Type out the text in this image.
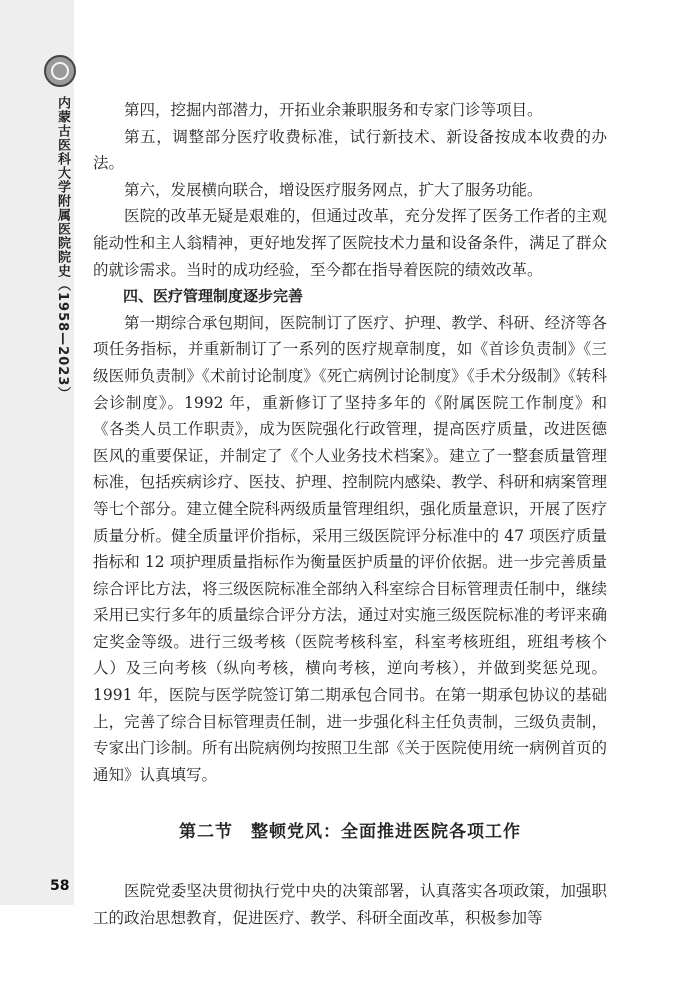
内蒙古医科大学附属医院院史（1958—2023）
58

第四，挖掘内部潜力，开拓业余兼职服务和专家门诊等项目。

第五，调整部分医疗收费标准，试行新技术、新设备按成本收费的办法。

第六，发展横向联合，增设医疗服务网点，扩大了服务功能。

医院的改革无疑是艰难的，但通过改革，充分发挥了医务工作者的主观能动性和主人翁精神，更好地发挥了医院技术力量和设备条件，满足了群众的就诊需求。当时的成功经验，至今都在指导着医院的绩效改革。

四、医疗管理制度逐步完善

第一期综合承包期间，医院制订了医疗、护理、教学、科研、经济等各项任务指标，并重新制订了一系列的医疗规章制度，如《首诊负责制》《三级医师负责制》《术前讨论制度》《死亡病例讨论制度》《手术分级制》《转科会诊制度》。1992 年，重新修订了坚持多年的《附属医院工作制度》和《各类人员工作职责》，成为医院强化行政管理，提高医疗质量，改进医德医风的重要保证，并制定了《个人业务技术档案》。建立了一整套质量管理标准，包括疾病诊疗、医技、护理、控制院内感染、教学、科研和病案管理等七个部分。建立健全院科两级质量管理组织，强化质量意识，开展了医疗质量分析。健全质量评价指标，采用三级医院评分标准中的 47 项医疗质量指标和 12 项护理质量指标作为衡量医护质量的评价依据。进一步完善质量综合评比方法，将三级医院标准全部纳入科室综合目标管理责任制中，继续采用已实行多年的质量综合评分方法，通过对实施三级医院标准的考评来确定奖金等级。进行三级考核（医院考核科室，科室考核班组，班组考核个人）及三向考核（纵向考核，横向考核，逆向考核），并做到奖惩兑现。1991 年，医院与医学院签订第二期承包合同书。在第一期承包协议的基础上，完善了综合目标管理责任制，进一步强化科主任负责制，三级负责制，专家出门诊制。所有出院病例均按照卫生部《关于医院使用统一病例首页的通知》认真填写。

第二节　整顿党风：全面推进医院各项工作

医院党委坚决贯彻执行党中央的决策部署，认真落实各项政策，加强职工的政治思想教育，促进医疗、教学、科研全面改革，积极参加等
